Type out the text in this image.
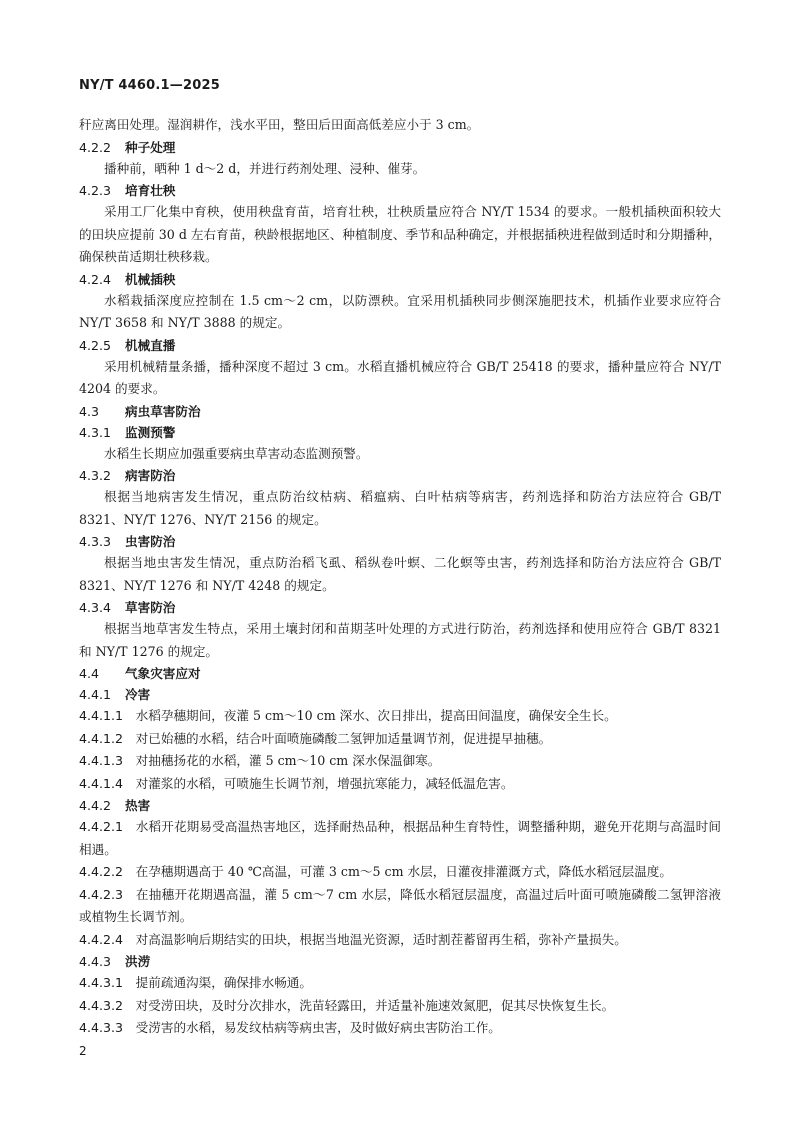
NY/T 4460.1—2025

秆应离田处理。湿润耕作，浅水平田，整田后田面高低差应小于 3 cm。

4.2.2 种子处理

播种前，晒种 1 d～2 d，并进行药剂处理、浸种、催芽。

4.2.3 培育壮秧

采用工厂化集中育秧，使用秧盘育苗，培育壮秧，壮秧质量应符合 NY/T 1534 的要求。一般机插秧面积较大的田块应提前 30 d 左右育苗，秧龄根据地区、种植制度、季节和品种确定，并根据插秧进程做到适时和分期播种，确保秧苗适期壮秧移栽。

4.2.4 机械插秧

水稻栽插深度应控制在 1.5 cm～2 cm，以防漂秧。宜采用机插秧同步侧深施肥技术，机插作业要求应符合 NY/T 3658 和 NY/T 3888 的规定。

4.2.5 机械直播

采用机械精量条播，播种深度不超过 3 cm。水稻直播机械应符合 GB/T 25418 的要求，播种量应符合 NY/T 4204 的要求。

4.3 病虫草害防治
4.3.1 监测预警

水稻生长期应加强重要病虫草害动态监测预警。

4.3.2 病害防治

根据当地病害发生情况，重点防治纹枯病、稻瘟病、白叶枯病等病害，药剂选择和防治方法应符合 GB/T 8321、NY/T 1276、NY/T 2156 的规定。

4.3.3 虫害防治

根据当地虫害发生情况，重点防治稻飞虱、稻纵卷叶螟、二化螟等虫害，药剂选择和防治方法应符合 GB/T 8321、NY/T 1276 和 NY/T 4248 的规定。

4.3.4 草害防治

根据当地草害发生特点，采用土壤封闭和苗期茎叶处理的方式进行防治，药剂选择和使用应符合 GB/T 8321 和 NY/T 1276 的规定。

4.4 气象灾害应对
4.4.1 冷害

4.4.1.1  水稻孕穗期间，夜灌 5 cm～10 cm 深水、次日排出，提高田间温度，确保安全生长。

4.4.1.2  对已始穗的水稻，结合叶面喷施磷酸二氢钾加适量调节剂，促进提早抽穗。

4.4.1.3  对抽穗扬花的水稻，灌 5 cm～10 cm 深水保温御寒。

4.4.1.4  对灌浆的水稻，可喷施生长调节剂，增强抗寒能力，减轻低温危害。

4.4.2 热害

4.4.2.1  水稻开花期易受高温热害地区，选择耐热品种，根据品种生育特性，调整播种期，避免开花期与高温时间相遇。

4.4.2.2  在孕穗期遇高于 40 ℃高温，可灌 3 cm～5 cm 水层，日灌夜排灌溉方式，降低水稻冠层温度。

4.4.2.3  在抽穗开花期遇高温，灌 5 cm～7 cm 水层，降低水稻冠层温度，高温过后叶面可喷施磷酸二氢钾溶液或植物生长调节剂。

4.4.2.4  对高温影响后期结实的田块，根据当地温光资源，适时割茬蓄留再生稻，弥补产量损失。

4.4.3 洪涝

4.4.3.1  提前疏通沟渠，确保排水畅通。

4.4.3.2  对受涝田块，及时分次排水，洗苗轻露田，并适量补施速效氮肥，促其尽快恢复生长。

4.4.3.3  受涝害的水稻，易发纹枯病等病虫害，及时做好病虫害防治工作。

2
